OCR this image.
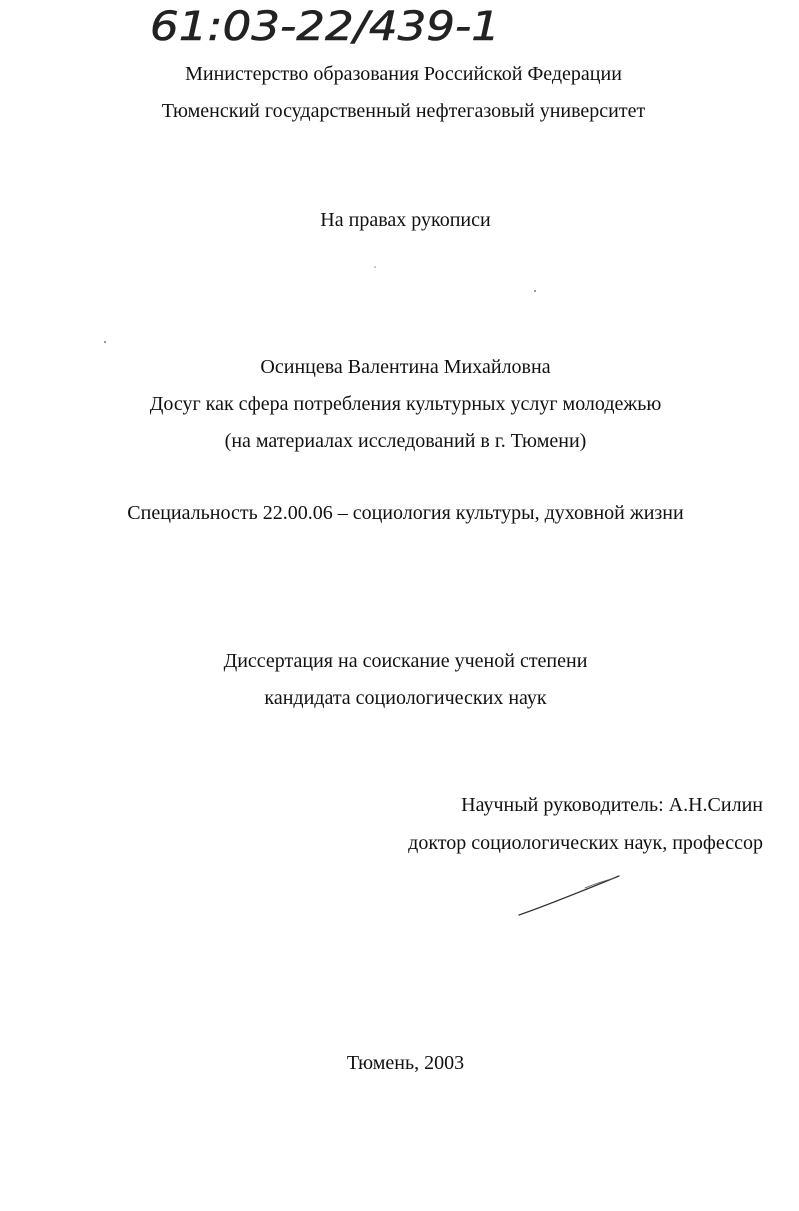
61:03-22/439-1
Министерство образования Российской Федерации
Тюменский государственный нефтегазовый университет
На правах рукописи
Осинцева Валентина Михайловна
Досуг как сфера потребления культурных услуг молодежью
(на материалах исследований в г. Тюмени)
Специальность 22.00.06 – социология культуры, духовной жизни
Диссертация на соискание ученой степени
кандидата социологических наук
Научный руководитель: А.Н.Силин
доктор социологических наук, профессор
Тюмень, 2003
